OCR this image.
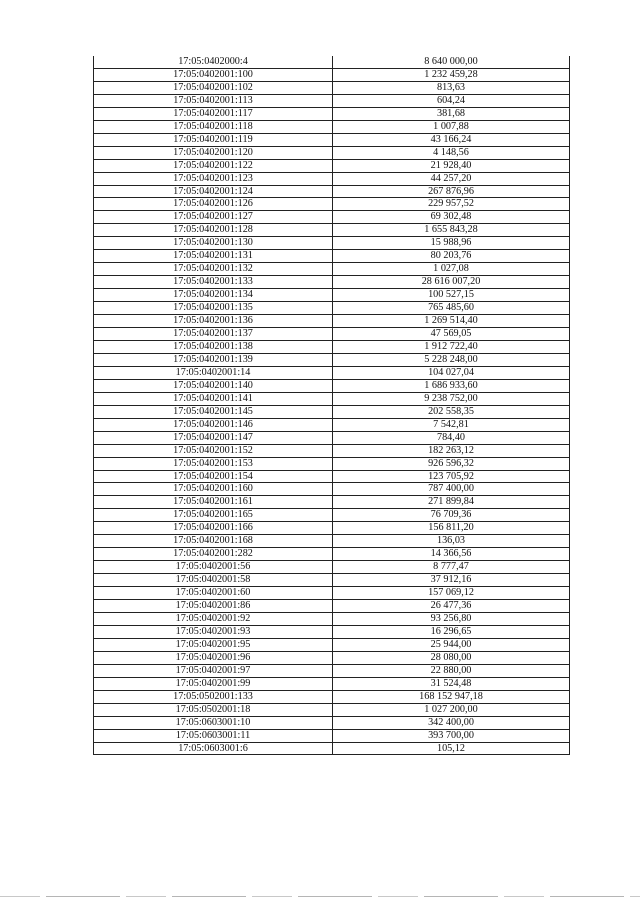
17:05:0402000:4	8 640 000,00
17:05:0402001:100	1 232 459,28
17:05:0402001:102	813,63
17:05:0402001:113	604,24
17:05:0402001:117	381,68
17:05:0402001:118	1 007,88
17:05:0402001:119	43 166,24
17:05:0402001:120	4 148,56
17:05:0402001:122	21 928,40
17:05:0402001:123	44 257,20
17:05:0402001:124	267 876,96
17:05:0402001:126	229 957,52
17:05:0402001:127	69 302,48
17:05:0402001:128	1 655 843,28
17:05:0402001:130	15 988,96
17:05:0402001:131	80 203,76
17:05:0402001:132	1 027,08
17:05:0402001:133	28 616 007,20
17:05:0402001:134	100 527,15
17:05:0402001:135	765 485,60
17:05:0402001:136	1 269 514,40
17:05:0402001:137	47 569,05
17:05:0402001:138	1 912 722,40
17:05:0402001:139	5 228 248,00
17:05:0402001:14	104 027,04
17:05:0402001:140	1 686 933,60
17:05:0402001:141	9 238 752,00
17:05:0402001:145	202 558,35
17:05:0402001:146	7 542,81
17:05:0402001:147	784,40
17:05:0402001:152	182 263,12
17:05:0402001:153	926 596,32
17:05:0402001:154	123 705,92
17:05:0402001:160	787 400,00
17:05:0402001:161	271 899,84
17:05:0402001:165	76 709,36
17:05:0402001:166	156 811,20
17:05:0402001:168	136,03
17:05:0402001:282	14 366,56
17:05:0402001:56	8 777,47
17:05:0402001:58	37 912,16
17:05:0402001:60	157 069,12
17:05:0402001:86	26 477,36
17:05:0402001:92	93 256,80
17:05:0402001:93	16 296,65
17:05:0402001:95	25 944,00
17:05:0402001:96	28 080,00
17:05:0402001:97	22 880,00
17:05:0402001:99	31 524,48
17:05:0502001:133	168 152 947,18
17:05:0502001:18	1 027 200,00
17:05:0603001:10	342 400,00
17:05:0603001:11	393 700,00
17:05:0603001:6	105,12
